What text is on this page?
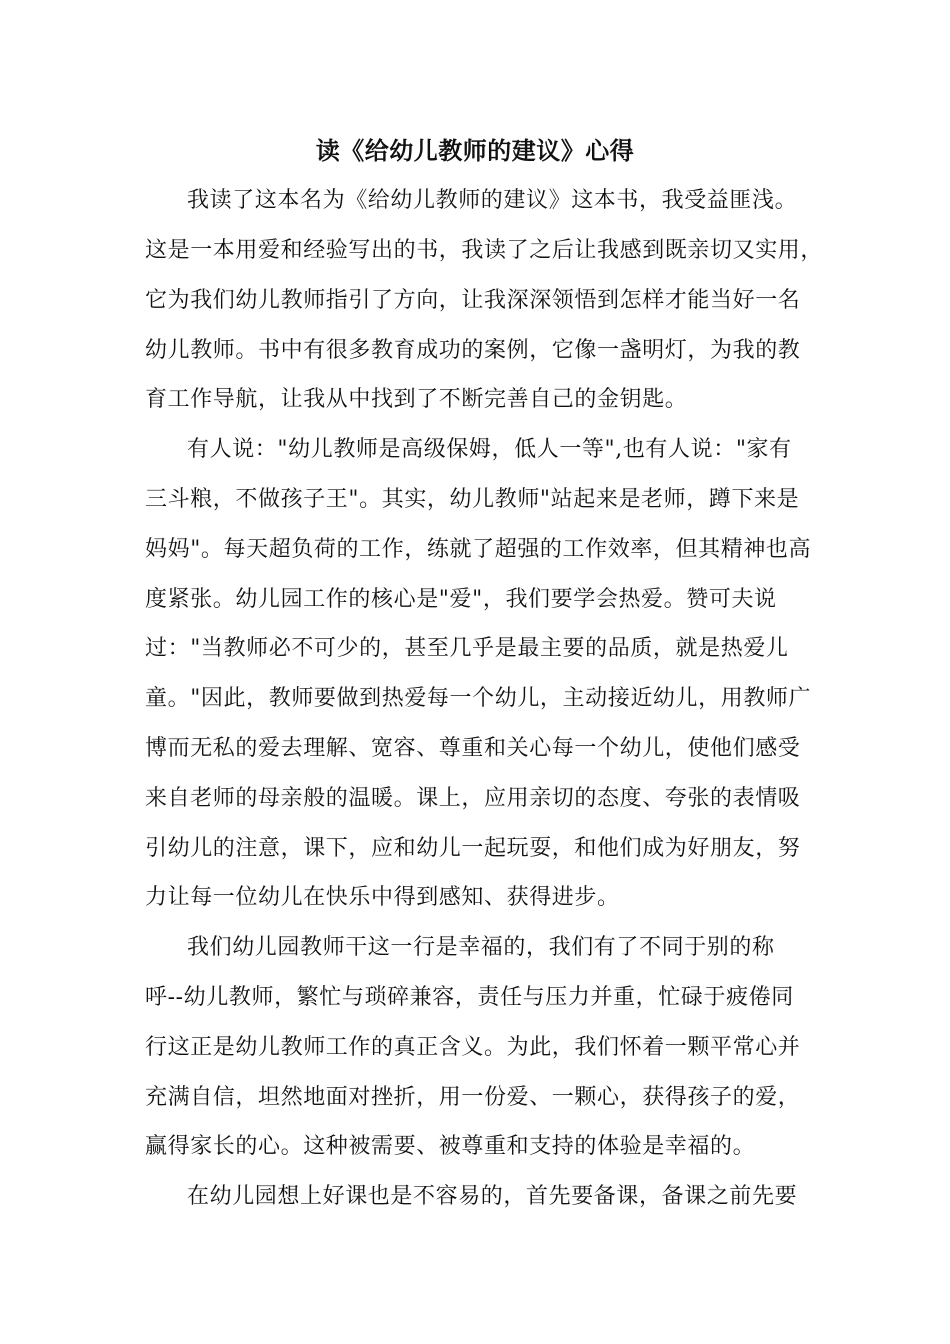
读《给幼儿教师的建议》心得
我读了这本名为《给幼儿教师的建议》这本书，我受益匪浅。
这是一本用爱和经验写出的书，我读了之后让我感到既亲切又实用，
它为我们幼儿教师指引了方向，让我深深领悟到怎样才能当好一名
幼儿教师。书中有很多教育成功的案例，它像一盏明灯，为我的教
育工作导航，让我从中找到了不断完善自己的金钥匙。
有人说："幼儿教师是高级保姆，低人一等",也有人说："家有
三斗粮，不做孩子王"。其实，幼儿教师"站起来是老师，蹲下来是
妈妈"。每天超负荷的工作，练就了超强的工作效率，但其精神也高
度紧张。幼儿园工作的核心是"爱"，我们要学会热爱。赞可夫说
过："当教师必不可少的，甚至几乎是最主要的品质，就是热爱儿
童。"因此，教师要做到热爱每一个幼儿，主动接近幼儿，用教师广
博而无私的爱去理解、宽容、尊重和关心每一个幼儿，使他们感受
来自老师的母亲般的温暖。课上，应用亲切的态度、夸张的表情吸
引幼儿的注意，课下，应和幼儿一起玩耍，和他们成为好朋友，努
力让每一位幼儿在快乐中得到感知、获得进步。
我们幼儿园教师干这一行是幸福的，我们有了不同于别的称
呼--幼儿教师，繁忙与琐碎兼容，责任与压力并重，忙碌于疲倦同
行这正是幼儿教师工作的真正含义。为此，我们怀着一颗平常心并
充满自信，坦然地面对挫折，用一份爱、一颗心，获得孩子的爱，
赢得家长的心。这种被需要、被尊重和支持的体验是幸福的。
在幼儿园想上好课也是不容易的，首先要备课，备课之前先要
